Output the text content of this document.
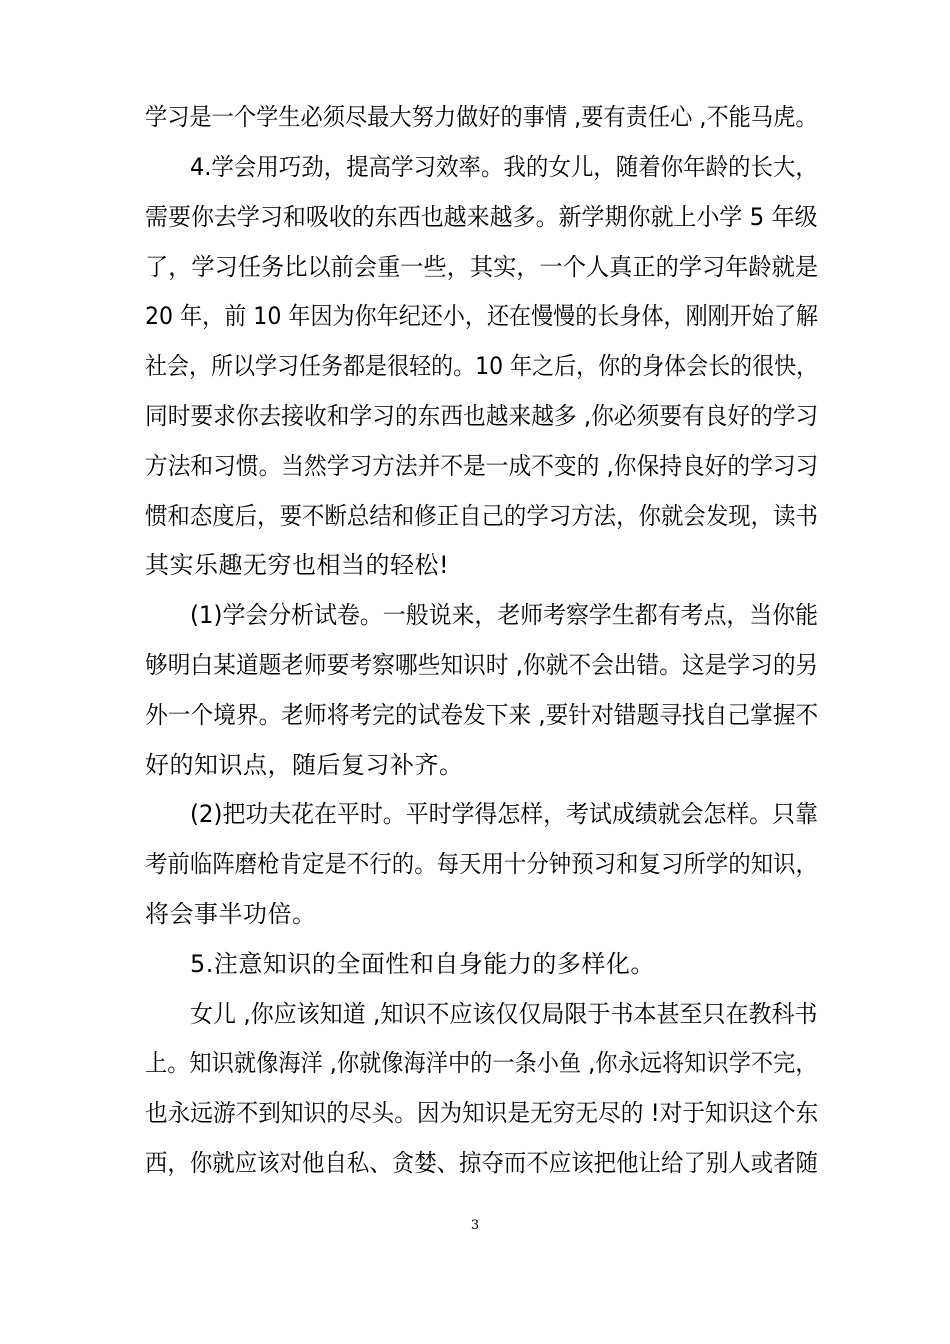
学习是一个学生必须尽最大努力做好的事情 ,要有责任心 ,不能马虎。
4.学会用巧劲，提高学习效率。我的女儿，随着你年龄的长大，
需要你去学习和吸收的东西也越来越多。新学期你就上小学 5 年级
了，学习任务比以前会重一些，其实，一个人真正的学习年龄就是
20 年，前 10 年因为你年纪还小，还在慢慢的长身体，刚刚开始了解
社会，所以学习任务都是很轻的。10 年之后，你的身体会长的很快，
同时要求你去接收和学习的东西也越来越多 ,你必须要有良好的学习
方法和习惯。当然学习方法并不是一成不变的 ,你保持良好的学习习
惯和态度后，要不断总结和修正自己的学习方法，你就会发现，读书
其实乐趣无穷也相当的轻松!
(1)学会分析试卷。一般说来，老师考察学生都有考点，当你能
够明白某道题老师要考察哪些知识时 ,你就不会出错。这是学习的另
外一个境界。老师将考完的试卷发下来 ,要针对错题寻找自己掌握不
好的知识点，随后复习补齐。
(2)把功夫花在平时。平时学得怎样，考试成绩就会怎样。只靠
考前临阵磨枪肯定是不行的。每天用十分钟预习和复习所学的知识，
将会事半功倍。
5.注意知识的全面性和自身能力的多样化。
女儿 ,你应该知道 ,知识不应该仅仅局限于书本甚至只在教科书
上。知识就像海洋 ,你就像海洋中的一条小鱼 ,你永远将知识学不完，
也永远游不到知识的尽头。因为知识是无穷无尽的 !对于知识这个东
西，你就应该对他自私、贪婪、掠夺而不应该把他让给了别人或者随
3
